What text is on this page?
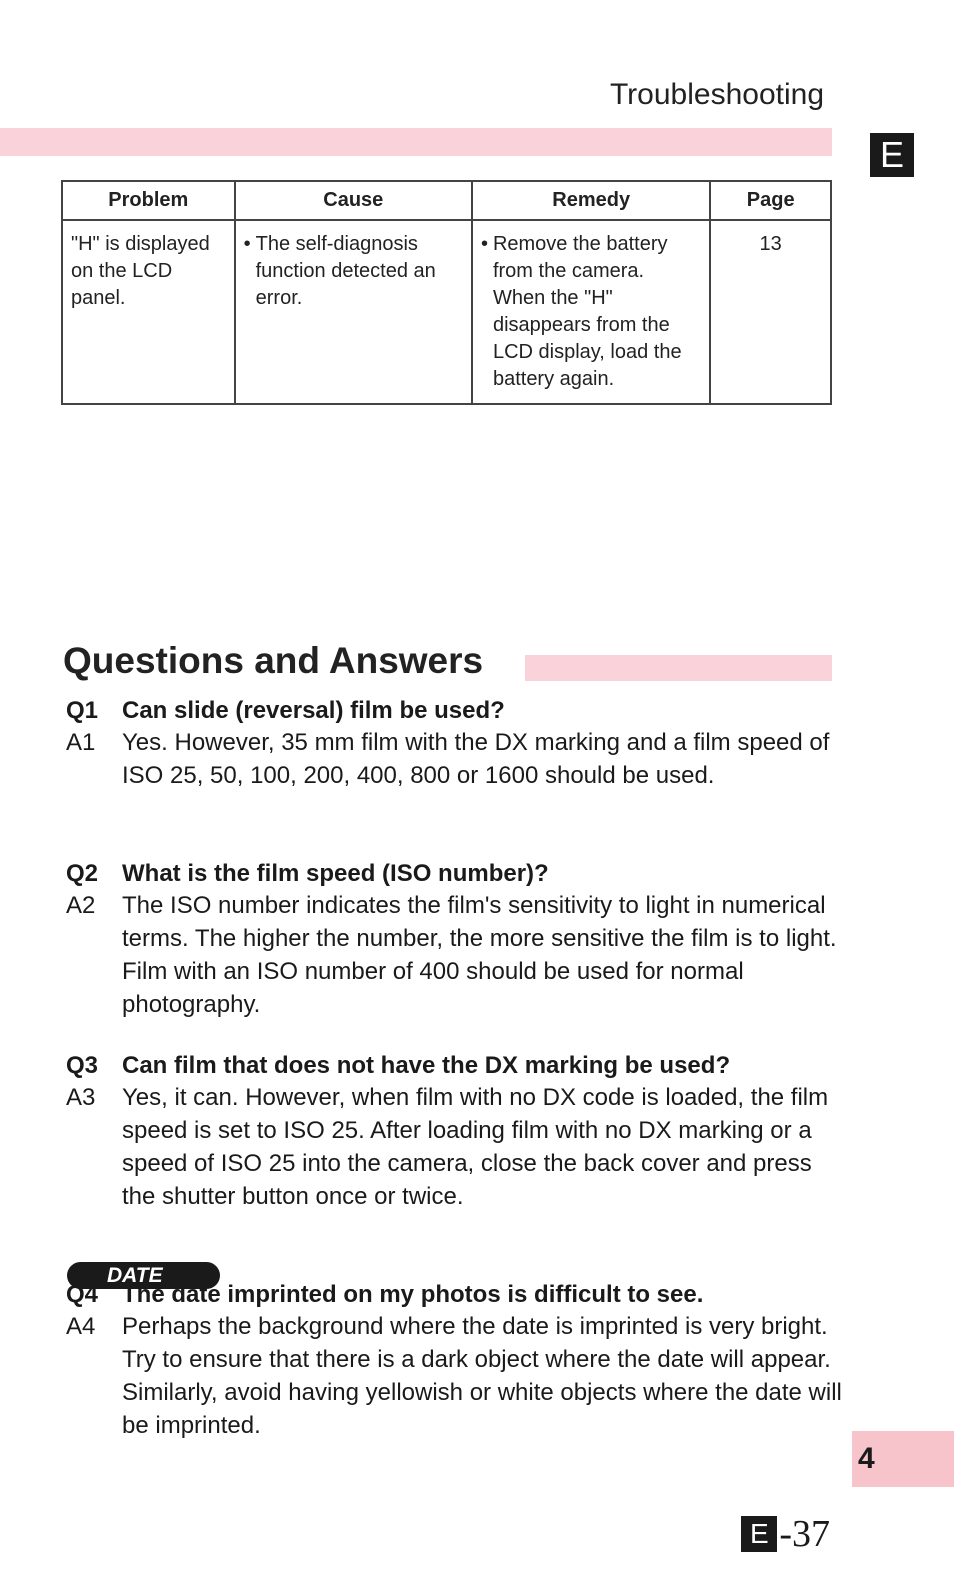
Troubleshooting
E
Problem	Cause	Remedy	Page
"H" is displayed on the LCD panel.	• The self-diagnosis function detected an error.	• Remove the battery from the camera. When the "H" disappears from the LCD display, load the battery again.	13
Questions and Answers
Q1 Can slide (reversal) film be used?
A1 Yes. However, 35 mm film with the DX marking and a film speed of ISO 25, 50, 100, 200, 400, 800 or 1600 should be used.
Q2 What is the film speed (ISO number)?
A2 The ISO number indicates the film's sensitivity to light in numerical terms. The higher the number, the more sensitive the film is to light. Film with an ISO number of 400 should be used for normal photography.
Q3 Can film that does not have the DX marking be used?
A3 Yes, it can. However, when film with no DX code is loaded, the film speed is set to ISO 25. After loading film with no DX marking or a speed of ISO 25 into the camera, close the back cover and press the shutter button once or twice.
DATE
Q4 The date imprinted on my photos is difficult to see.
A4 Perhaps the background where the date is imprinted is very bright. Try to ensure that there is a dark object where the date will appear. Similarly, avoid having yellowish or white objects where the date will be imprinted.
4
E -37
